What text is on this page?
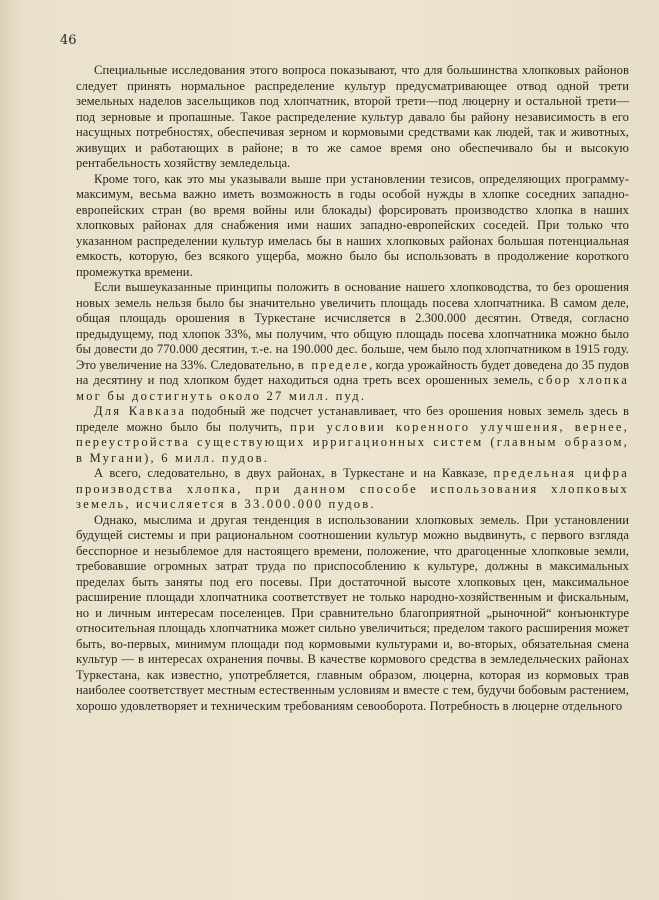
46

Специальные исследования этого вопроса показывают, что для большинства хлопковых районов следует принять нормальное распределение культур предусматривающее отвод одной трети земельных наделов засельщиков под хлопчатник, второй трети—под люцерну и остальной трети—под зерновые и пропашные. Такое распределение культур давало бы району независимость в его насущных потребностях, обеспечивая зерном и кормовыми средствами как людей, так и животных, живущих и работающих в районе; в то же самое время оно обеспечивало бы и высокую рентабельность хозяйству земледельца.

Кроме того, как это мы указывали выше при установлении тезисов, определяющих программу-максимум, весьма важно иметь возможность в годы особой нужды в хлопке соседних западно-европейских стран (во время войны или блокады) форсировать производство хлопка в наших хлопковых районах для снабжения ими наших западно-европейских соседей. При только что указанном распределении культур имелась бы в наших хлопковых районах большая потенциальная емкость, которую, без всякого ущерба, можно было бы использовать в продолжение короткого промежутка времени.

Если вышеуказанные принципы положить в основание нашего хлопководства, то без орошения новых земель нельзя было бы значительно увеличить площадь посева хлопчатника. В самом деле, общая площадь орошения в Туркестане исчисляется в 2.300.000 десятин. Отведя, согласно предыдущему, под хлопок 33%, мы получим, что общую площадь посева хлопчатника можно было бы довести до 770.000 десятин, т.-е. на 190.000 дес. больше, чем было под хлопчатником в 1915 году. Это увеличение на 33%. Следовательно, в пределе, когда урожайность будет доведена до 35 пудов на десятину и под хлопком будет находиться одна треть всех орошенных земель, сбор хлопка мог бы достигнуть около 27 милл. пуд.

Для Кавказа подобный же подсчет устанавливает, что без орошения новых земель здесь в пределе можно было бы получить, при условии коренного улучшения, вернее, переустройства существующих ирригационных систем (главным образом, в Мугани), 6 милл. пудов.

А всего, следовательно, в двух районах, в Туркестане и на Кавказе, предельная цифра производства хлопка, при данном способе использования хлопковых земель, исчисляется в 33.000.000 пудов.

Однако, мыслима и другая тенденция в использовании хлопковых земель. При установлении будущей системы и при рациональном соотношении культур можно выдвинуть, с первого взгляда бесспорное и незыблемое для настоящего времени, положение, что драгоценные хлопковые земли, требовавшие огромных затрат труда по приспособлению к культуре, должны в максимальных пределах быть заняты под его посевы. При достаточной высоте хлопковых цен, максимальное расширение площади хлопчатника соответствует не только народно-хозяйственным и фискальным, но и личным интересам поселенцев. При сравнительно благоприятной „рыночной“ конъюнктуре относительная площадь хлопчатника может сильно увеличиться; пределом такого расширения может быть, во-первых, минимум площади под кормовыми культурами и, во-вторых, обязательная смена культур — в интересах охранения почвы. В качестве кормового средства в земледельческих районах Туркестана, как известно, употребляется, главным образом, люцерна, которая из кормовых трав наиболее соответствует местным естественным условиям и вместе с тем, будучи бобовым растением, хорошо удовлетворяет и техническим требованиям севооборота. Потребность в люцерне отдельного
